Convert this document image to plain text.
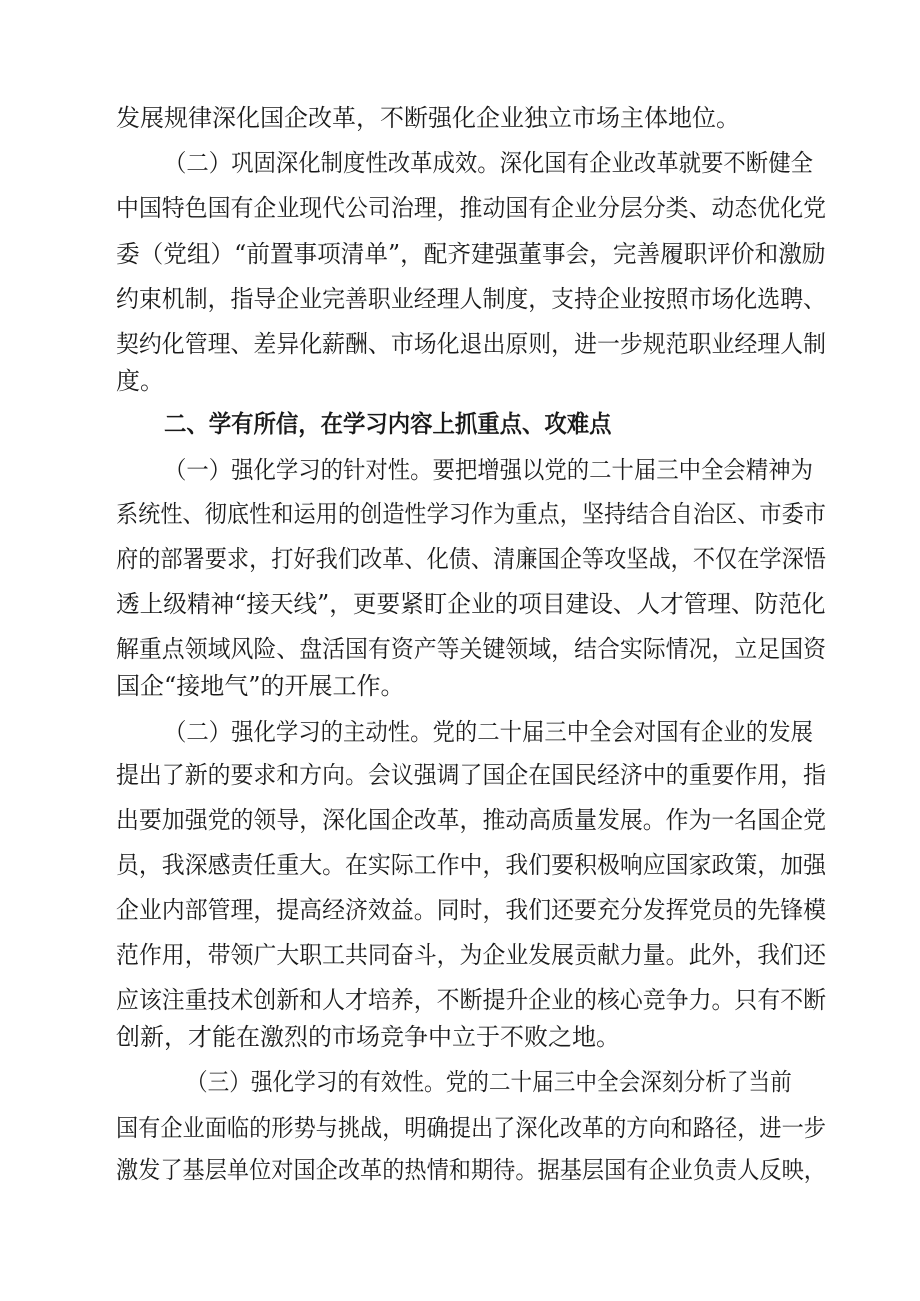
发展规律深化国企改革，不断强化企业独立市场主体地位。
（二）巩固深化制度性改革成效。深化国有企业改革就要不断健全
中国特色国有企业现代公司治理，推动国有企业分层分类、动态优化党
委（党组）“前置事项清单”，配齐建强董事会，完善履职评价和激励
约束机制，指导企业完善职业经理人制度，支持企业按照市场化选聘、
契约化管理、差异化薪酬、市场化退出原则，进一步规范职业经理人制
度。
二、学有所信，在学习内容上抓重点、攻难点
（一）强化学习的针对性。要把增强以党的二十届三中全会精神为
系统性、彻底性和运用的创造性学习作为重点，坚持结合自治区、市委市
府的部署要求，打好我们改革、化债、清廉国企等攻坚战，不仅在学深悟
透上级精神“接天线”，更要紧盯企业的项目建设、人才管理、防范化
解重点领域风险、盘活国有资产等关键领域，结合实际情况，立足国资
国企“接地气”的开展工作。
（二）强化学习的主动性。党的二十届三中全会对国有企业的发展
提出了新的要求和方向。会议强调了国企在国民经济中的重要作用，指
出要加强党的领导，深化国企改革，推动高质量发展。作为一名国企党
员，我深感责任重大。在实际工作中，我们要积极响应国家政策，加强
企业内部管理，提高经济效益。同时，我们还要充分发挥党员的先锋模
范作用，带领广大职工共同奋斗，为企业发展贡献力量。此外，我们还
应该注重技术创新和人才培养，不断提升企业的核心竞争力。只有不断
创新，才能在激烈的市场竞争中立于不败之地。
（三）强化学习的有效性。党的二十届三中全会深刻分析了当前
国有企业面临的形势与挑战，明确提出了深化改革的方向和路径，进一步
激发了基层单位对国企改革的热情和期待。据基层国有企业负责人反映，
